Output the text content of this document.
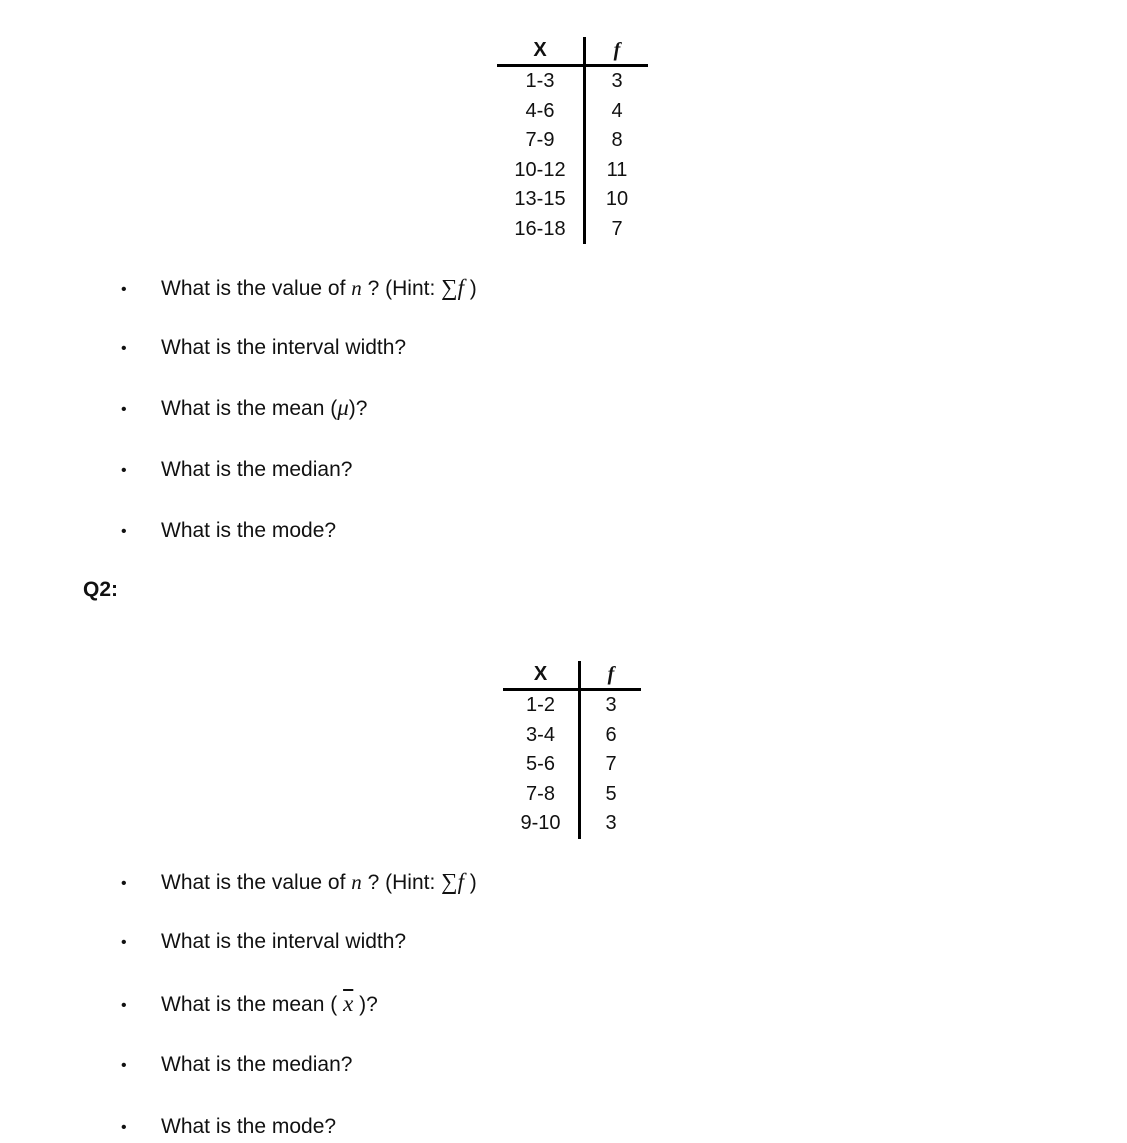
X	f
1-3	3
4-6	4
7-9	8
10-12	11
13-15	10
16-18	7
• What is the value of n ? (Hint: ∑f )
• What is the interval width?
• What is the mean (μ)?
• What is the median?
• What is the mode?
Q2:
X	f
1-2	3
3-4	6
5-6	7
7-8	5
9-10	3
• What is the value of n ? (Hint: ∑f )
• What is the interval width?
• What is the mean ( $\overline{x}$ )?
• What is the median?
• What is the mode?
